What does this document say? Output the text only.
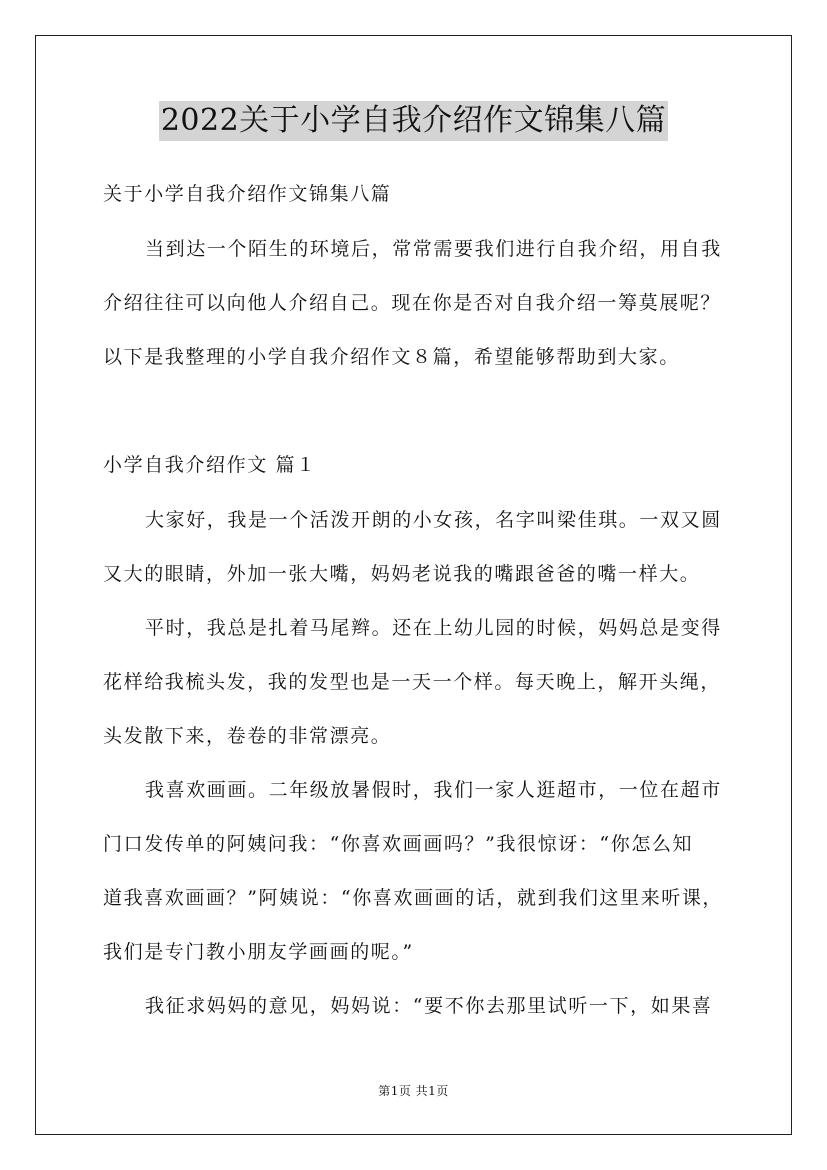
2022关于小学自我介绍作文锦集八篇
关于小学自我介绍作文锦集八篇
当到达一个陌生的环境后，常常需要我们进行自我介绍，用自我
介绍往往可以向他人介绍自己。现在你是否对自我介绍一筹莫展呢？
以下是我整理的小学自我介绍作文８篇，希望能够帮助到大家。
小学自我介绍作文 篇１
大家好，我是一个活泼开朗的小女孩，名字叫梁佳琪。一双又圆
又大的眼睛，外加一张大嘴，妈妈老说我的嘴跟爸爸的嘴一样大。
平时，我总是扎着马尾辫。还在上幼儿园的时候，妈妈总是变得
花样给我梳头发，我的发型也是一天一个样。每天晚上，解开头绳，
头发散下来，卷卷的非常漂亮。
我喜欢画画。二年级放暑假时，我们一家人逛超市，一位在超市
门口发传单的阿姨问我：“你喜欢画画吗？”我很惊讶：“你怎么知
道我喜欢画画？”阿姨说：“你喜欢画画的话，就到我们这里来听课，
我们是专门教小朋友学画画的呢。”
我征求妈妈的意见，妈妈说：“要不你去那里试听一下，如果喜
第1页 共1页
